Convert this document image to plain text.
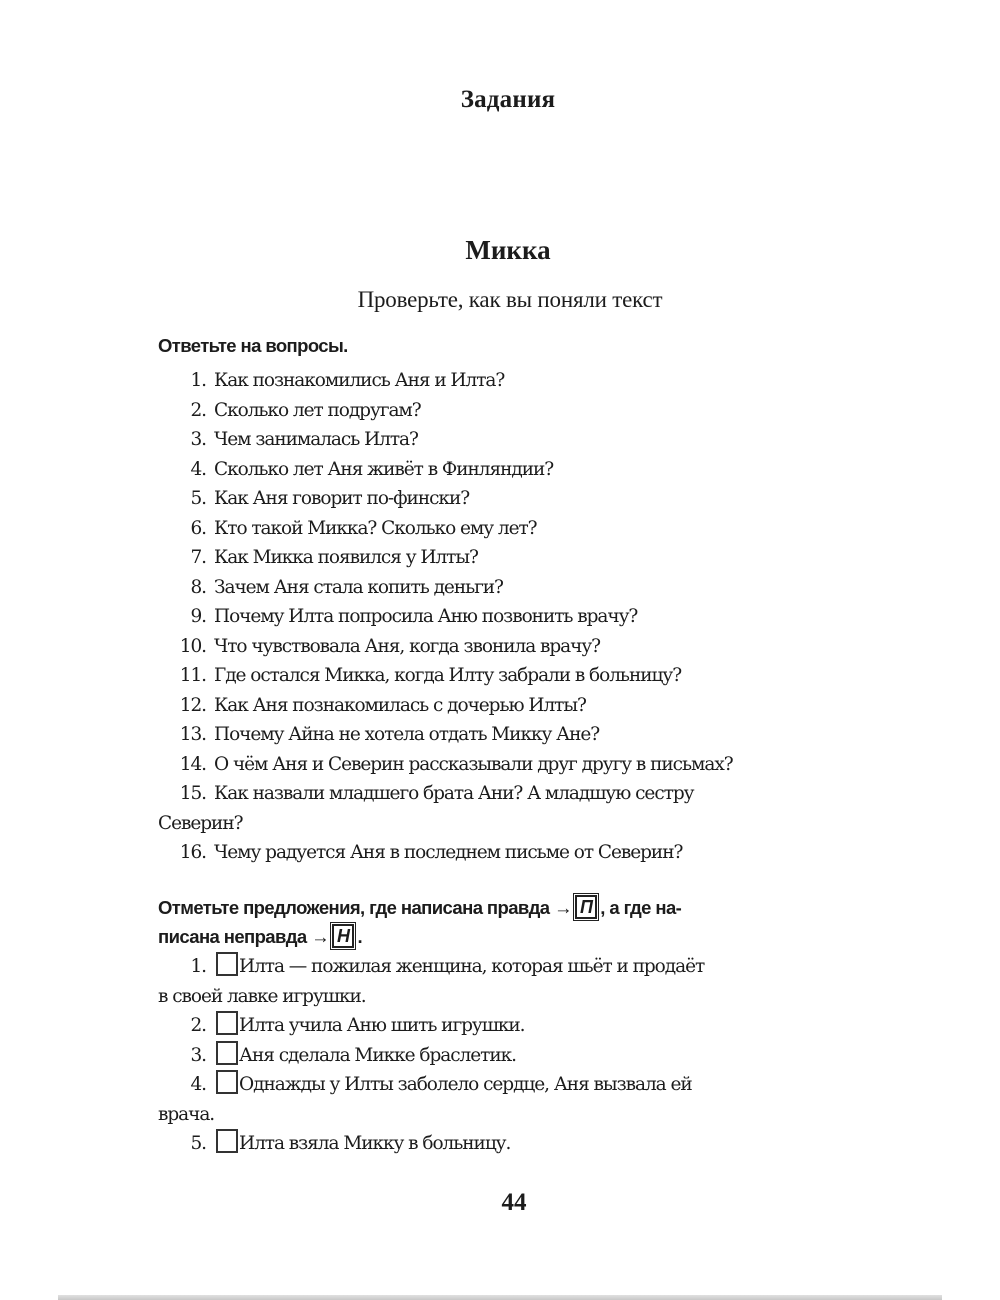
Задания
Микка
Проверьте, как вы поняли текст
Ответьте на вопросы.
1. Как познакомились Аня и Илта?
2. Сколько лет подругам?
3. Чем занималась Илта?
4. Сколько лет Аня живёт в Финляндии?
5. Как Аня говорит по-фински?
6. Кто такой Микка? Сколько ему лет?
7. Как Микка появился у Илты?
8. Зачем Аня стала копить деньги?
9. Почему Илта попросила Аню позвонить врачу?
10. Что чувствовала Аня, когда звонила врачу?
11. Где остался Микка, когда Илту забрали в больницу?
12. Как Аня познакомилась с дочерью Илты?
13. Почему Айна не хотела отдать Микку Ане?
14. О чём Аня и Северин рассказывали друг другу в письмах?
15. Как назвали младшего брата Ани? А младшую сестру
Северин?
16. Чему радуется Аня в последнем письме от Северин?
Отметьте предложения, где написана правда → П , а где на-
писана неправда → Н .
1. Илта — пожилая женщина, которая шьёт и продаёт
в своей лавке игрушки.
2. Илта учила Аню шить игрушки.
3. Аня сделала Микке браслетик.
4. Однажды у Илты заболело сердце, Аня вызвала ей
врача.
5. Илта взяла Микку в больницу.
44
